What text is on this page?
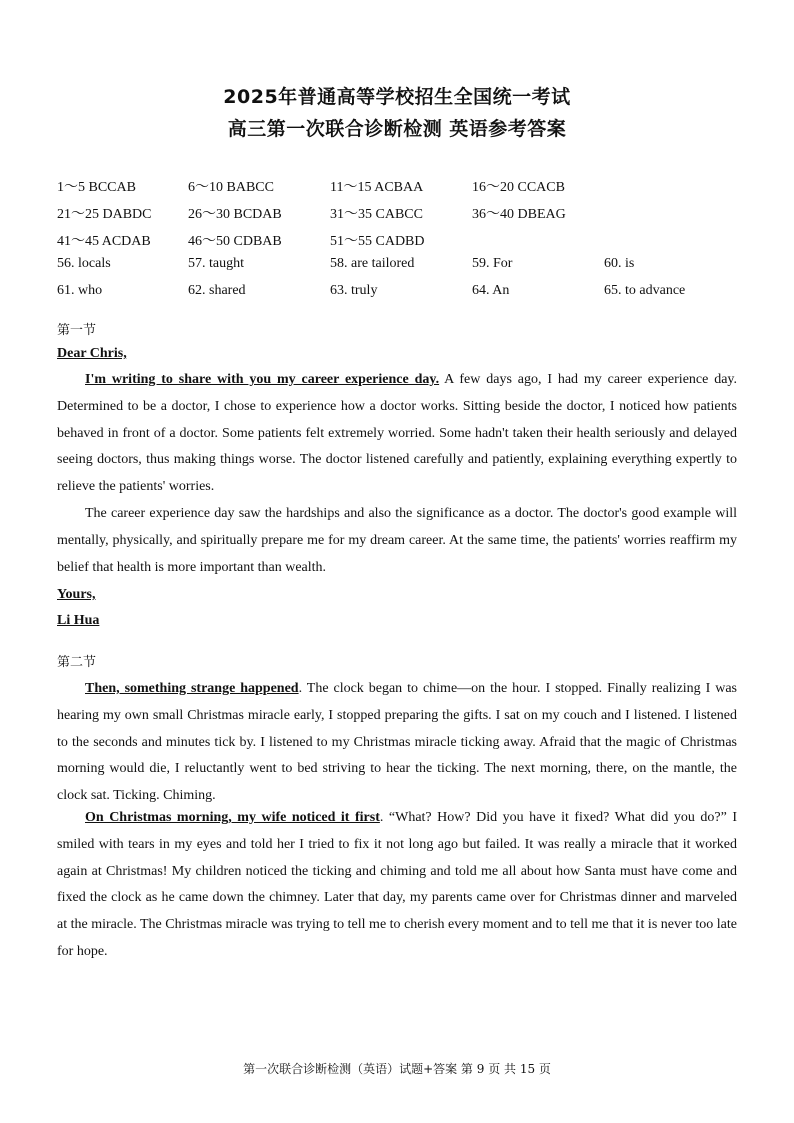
2025年普通高等学校招生全国统一考试
高三第一次联合诊断检测 英语参考答案
1～5 BCCAB	6～10 BABCC	11～15 ACBAA	16～20 CCACB
21～25 DABDC	26～30 BCDAB	31～35 CABCC	36～40 DBEAG
41～45 ACDAB	46～50 CDBAB	51～55 CADBD
56. locals	57. taught	58. are tailored	59. For	60. is
61. who	62. shared	63. truly	64. An	65. to advance
第一节
Dear Chris,

I'm writing to share with you my career experience day. A few days ago, I had my career experience day. Determined to be a doctor, I chose to experience how a doctor works. Sitting beside the doctor, I noticed how patients behaved in front of a doctor. Some patients felt extremely worried. Some hadn't taken their health seriously and delayed seeing doctors, thus making things worse. The doctor listened carefully and patiently, explaining everything expertly to relieve the patients' worries.

The career experience day saw the hardships and also the significance as a doctor. The doctor's good example will mentally, physically, and spiritually prepare me for my dream career. At the same time, the patients' worries reaffirm my belief that health is more important than wealth.

Yours,
Li Hua
第二节

Then, something strange happened. The clock began to chime—on the hour. I stopped. Finally realizing I was hearing my own small Christmas miracle early, I stopped preparing the gifts. I sat on my couch and I listened. I listened to the seconds and minutes tick by. I listened to my Christmas miracle ticking away. Afraid that the magic of Christmas morning would die, I reluctantly went to bed striving to hear the ticking. The next morning, there, on the mantle, the clock sat. Ticking. Chiming.

On Christmas morning, my wife noticed it first. “What? How? Did you have it fixed? What did you do?” I smiled with tears in my eyes and told her I tried to fix it not long ago but failed. It was really a miracle that it worked again at Christmas! My children noticed the ticking and chiming and told me all about how Santa must have come and fixed the clock as he came down the chimney. Later that day, my parents came over for Christmas dinner and marveled at the miracle. The Christmas miracle was trying to tell me to cherish every moment and to tell me that it is never too late for hope.

第一次联合诊断检测（英语）试题+答案 第 9 页 共 15 页
